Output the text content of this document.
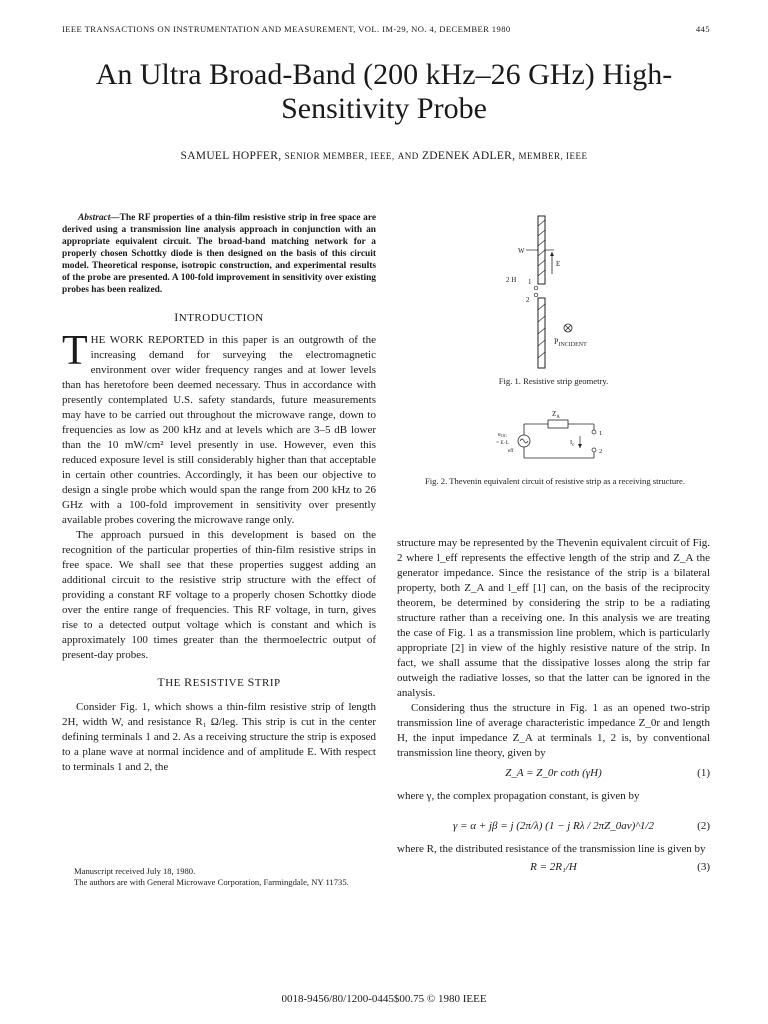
IEEE TRANSACTIONS ON INSTRUMENTATION AND MEASUREMENT, VOL. IM-29, NO. 4, DECEMBER 1980	445
An Ultra Broad-Band (200 kHz–26 GHz) High-
Sensitivity Probe
SAMUEL HOPFER, SENIOR MEMBER, IEEE, AND ZDENEK ADLER, MEMBER, IEEE

Abstract—The RF properties of a thin-film resistive strip in free space are derived using a transmission line analysis approach in conjunction with an appropriate equivalent circuit. The broad-band matching network for a properly chosen Schottky diode is then designed on the basis of this circuit model. Theoretical response, isotropic construction, and experimental results of the probe are presented. A 100-fold improvement in sensitivity over existing probes has been realized.

INTRODUCTION

THE WORK REPORTED in this paper is an outgrowth of the increasing demand for surveying the electromagnetic environment over wider frequency ranges and at lower levels than has heretofore been deemed necessary. Thus in accordance with presently contemplated U.S. safety standards, future measurements may have to be carried out throughout the microwave range, down to frequencies as low as 200 kHz and at levels which are 3–5 dB lower than the 10 mW/cm² level presently in use. However, even this reduced exposure level is still considerably higher than that acceptable in certain other countries. Accordingly, it has been our objective to design a single probe which would span the range from 200 kHz to 26 GHz with a 100-fold improvement in sensitivity over presently available probes covering the microwave range only.

The approach pursued in this development is based on the recognition of the particular properties of thin-film resistive strips in free space. We shall see that these properties suggest adding an additional circuit to the resistive strip structure with the effect of providing a constant RF voltage to a properly chosen Schottky diode over the entire range of frequencies. This RF voltage, in turn, gives rise to a detected output voltage which is constant and which is approximately 100 times greater than the thermoelectric output of present-day probes.

THE RESISTIVE STRIP

Consider Fig. 1, which shows a thin-film resistive strip of length 2H, width W, and resistance R₁ Ω/leg. This strip is cut in the center defining terminals 1 and 2. As a receiving structure the strip is exposed to a plane wave at normal incidence and of amplitude E. With respect to terminals 1 and 2, the

Manuscript received July 18, 1980.

The authors are with General Microwave Corporation, Farmingdale, NY 11735.

W
E
2 H 1
2
$P_{INCIDENT}$

Fig. 1. Resistive strip geometry.

$Z_A$
eOC
= E·L
eff
$I_c$
1
2

Fig. 2. Thevenin equivalent circuit of resistive strip as a receiving structure.

structure may be represented by the Thevenin equivalent circuit of Fig. 2 where l_eff represents the effective length of the strip and Z_A the generator impedance. Since the resistance of the strip is a bilateral property, both Z_A and l_eff [1] can, on the basis of the reciprocity theorem, be determined by considering the strip to be a radiating structure rather than a receiving one. In this analysis we are treating the case of Fig. 1 as a transmission line problem, which is particularly appropriate [2] in view of the highly resistive nature of the strip. In fact, we shall assume that the dissipative losses along the strip far outweigh the radiative losses, so that the latter can be ignored in the analysis.

Considering thus the structure in Fig. 1 as an opened two-strip transmission line of average characteristic impedance Z_0r and length H, the input impedance Z_A at terminals 1, 2 is, by conventional transmission line theory, given by

Z_A = Z_0r coth (γH)	(1)

where γ, the complex propagation constant, is given by

γ = α + jβ = j (2π/λ) (1 − j Rλ / 2πZ_0av)^1/2	(2)

where R, the distributed resistance of the transmission line is given by

R = 2R₁/H	(3)
0018-9456/80/1200-0445$00.75 © 1980 IEEE
